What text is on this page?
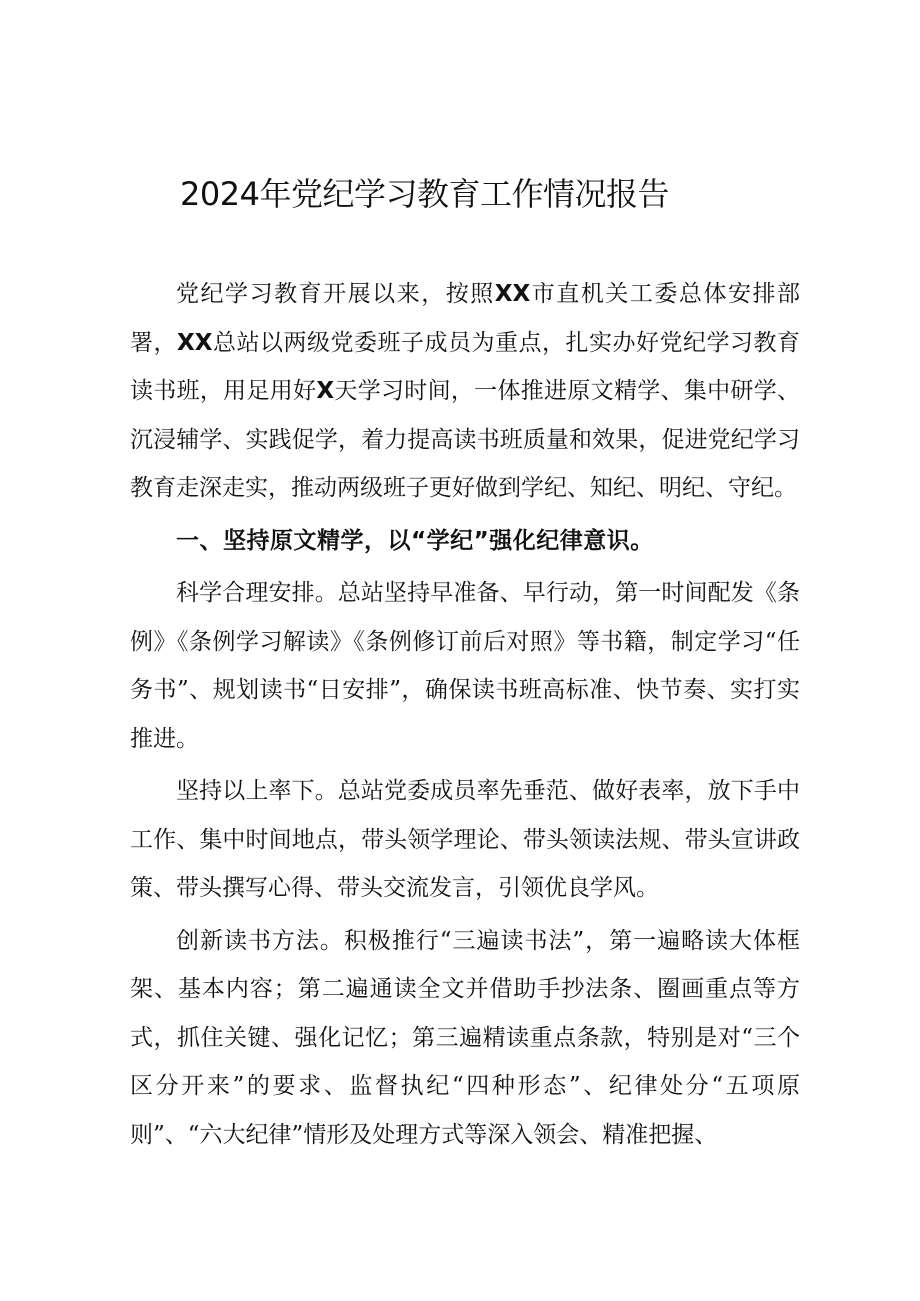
2024年党纪学习教育工作情况报告

党纪学习教育开展以来，按照XX市直机关工委总体安排部署，XX总站以两级党委班子成员为重点，扎实办好党纪学习教育读书班，用足用好X天学习时间，一体推进原文精学、集中研学、沉浸辅学、实践促学，着力提高读书班质量和效果，促进党纪学习教育走深走实，推动两级班子更好做到学纪、知纪、明纪、守纪。

一、坚持原文精学，以“学纪”强化纪律意识。

科学合理安排。总站坚持早准备、早行动，第一时间配发《条例》《条例学习解读》《条例修订前后对照》等书籍，制定学习“任务书”、规划读书“日安排”，确保读书班高标准、快节奏、实打实推进。

坚持以上率下。总站党委成员率先垂范、做好表率，放下手中工作、集中时间地点，带头领学理论、带头领读法规、带头宣讲政策、带头撰写心得、带头交流发言，引领优良学风。

创新读书方法。积极推行“三遍读书法”，第一遍略读大体框架、基本内容；第二遍通读全文并借助手抄法条、圈画重点等方式，抓住关键、强化记忆；第三遍精读重点条款，特别是对“三个区分开来”的要求、监督执纪“四种形态”、纪律处分“五项原则”、“六大纪律”情形及处理方式等深入领会、精准把握、
